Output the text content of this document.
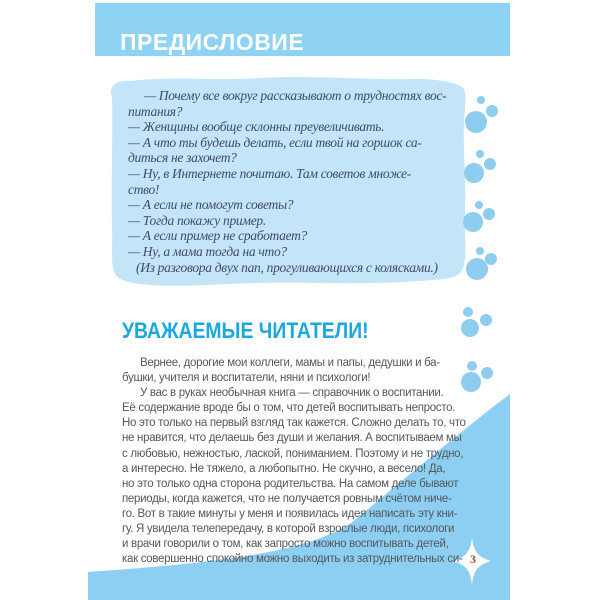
ПРЕДИСЛОВИЕ
— Почему все вокруг рассказывают о трудностях вос-
питания?
— Женщины вообще склонны преувеличивать.
— А что ты будешь делать, если твой на горшок са-
диться не захочет?
— Ну, в Интернете почитаю. Там советов множе-
ство!
— А если не помогут советы?
— Тогда покажу пример.
— А если пример не сработает?
— Ну, а мама тогда на что?
(Из разговора двух пап, прогуливающихся с колясками.)
УВАЖАЕМЫЕ ЧИТАТЕЛИ!
Вернее, дорогие мои коллеги, мамы и папы, дедушки и ба-
бушки, учителя и воспитатели, няни и психологи!
У вас в руках необычная книга — справочник о воспитании.
Её содержание вроде бы о том, что детей воспитывать непросто.
Но это только на первый взгляд так кажется. Сложно делать то, что
не нравится, что делаешь без души и желания. А воспитываем мы
с любовью, нежностью, лаской, пониманием. Поэтому и не трудно,
а интересно. Не тяжело, а любопытно. Не скучно, а весело! Да,
но это только одна сторона родительства. На самом деле бывают
периоды, когда кажется, что не получается ровным счётом ниче-
го. Вот в такие минуты у меня и появилась идея написать эту кни-
гу. Я увидела телепередачу, в которой взрослые люди, психологи
и врачи говорили о том, как запросто можно воспитывать детей,
как совершенно спокойно можно выходить из затруднительных си- 3
